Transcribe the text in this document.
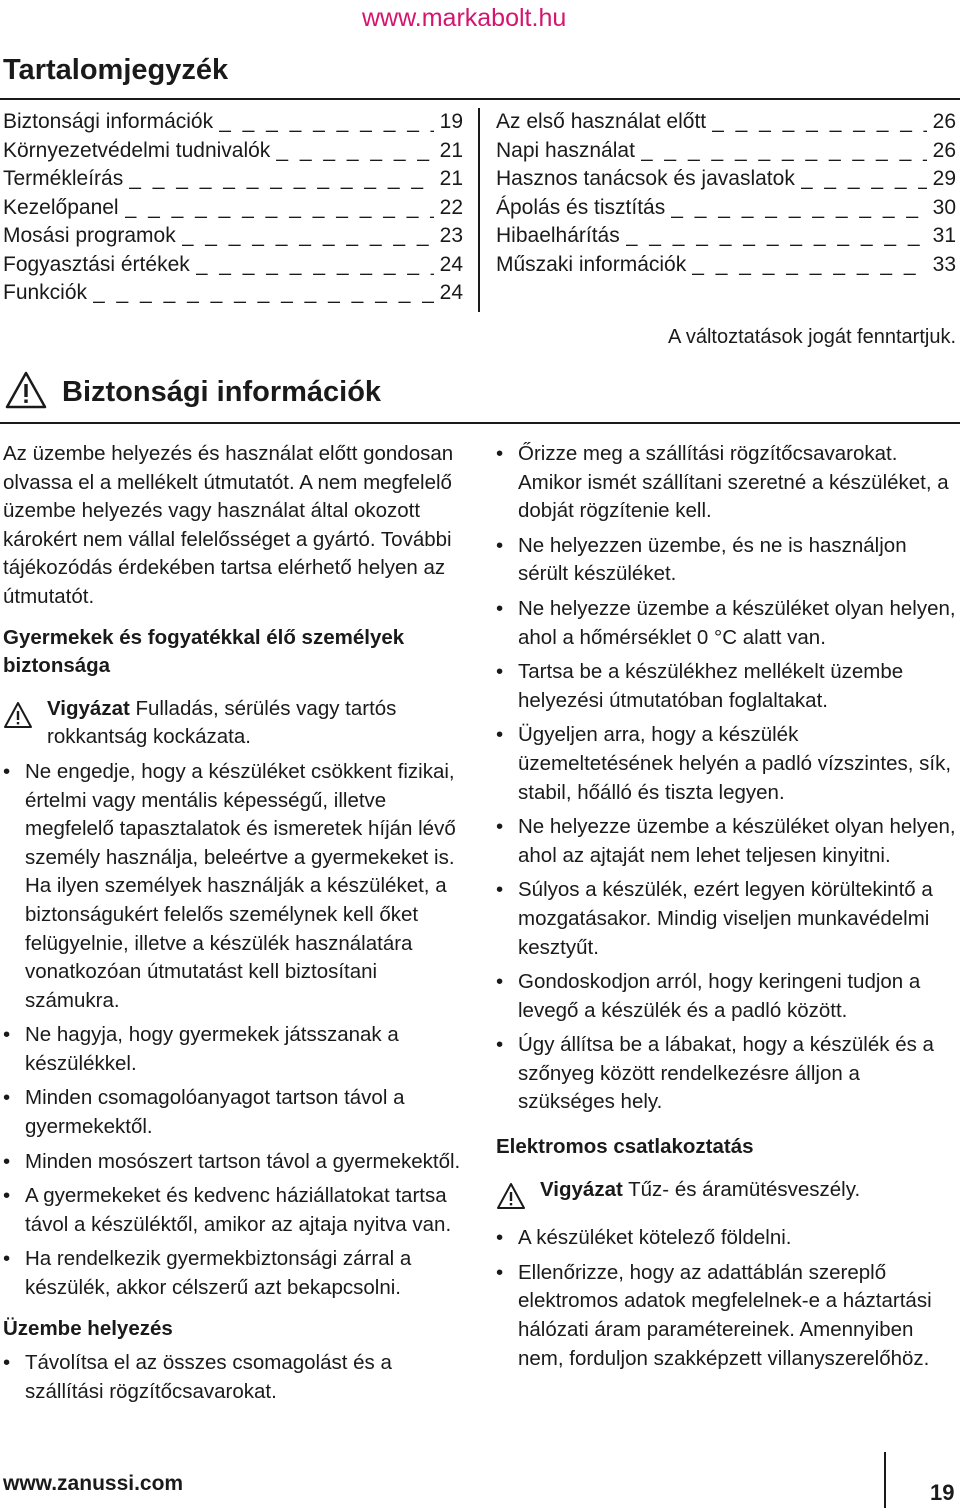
www.markabolt.hu
Tartalomjegyzék
Biztonsági információk _ _ _	19
Környezetvédelmi tudnivalók _ _ _	21
Termékleírás _ _ _	21
Kezelőpanel _ _ _	22
Mosási programok _ _ _	23
Fogyasztási értékek _ _ _	24
Funkciók _ _ _	24
Az első használat előtt _ _ _	26
Napi használat _ _ _	26
Hasznos tanácsok és javaslatok _ _ _	29
Ápolás és tisztítás _ _ _	30
Hibaelhárítás _ _ _	31
Műszaki információk _ _ _	33
A változtatások jogát fenntartjuk.
Biztonsági információk

Az üzembe helyezés és használat előtt gondosan olvassa el a mellékelt útmutatót. A nem megfelelő üzembe helyezés vagy használat által okozott károkért nem vállal felelősséget a gyártó. További tájékozódás érdekében tartsa elérhető helyen az útmutatót.

Gyermekek és fogyatékkal élő személyek biztonsága

Vigyázat Fulladás, sérülés vagy tartós rokkantság kockázata.
• Ne engedje, hogy a készüléket csökkent fizikai, értelmi vagy mentális képességű, illetve megfelelő tapasztalatok és ismeretek híján lévő személy használja, beleértve a gyermekeket is. Ha ilyen személyek használják a készüléket, a biztonságukért felelős személynek kell őket felügyelnie, illetve a készülék használatára vonatkozóan útmutatást kell biztosítani számukra.
• Ne hagyja, hogy gyermekek játsszanak a készülékkel.
• Minden csomagolóanyagot tartson távol a gyermekektől.
• Minden mosószert tartson távol a gyermekektől.
• A gyermekeket és kedvenc háziállatokat tartsa távol a készüléktől, amikor az ajtaja nyitva van.
• Ha rendelkezik gyermekbiztonsági zárral a készülék, akkor célszerű azt bekapcsolni.

Üzembe helyezés

• Távolítsa el az összes csomagolást és a szállítási rögzítőcsavarokat.
• Őrizze meg a szállítási rögzítőcsavarokat. Amikor ismét szállítani szeretné a készüléket, a dobját rögzítenie kell.
• Ne helyezzen üzembe, és ne is használjon sérült készüléket.
• Ne helyezze üzembe a készüléket olyan helyen, ahol a hőmérséklet 0 °C alatt van.
• Tartsa be a készülékhez mellékelt üzembe helyezési útmutatóban foglaltakat.
• Ügyeljen arra, hogy a készülék üzemeltetésének helyén a padló vízszintes, sík, stabil, hőálló és tiszta legyen.
• Ne helyezze üzembe a készüléket olyan helyen, ahol az ajtaját nem lehet teljesen kinyitni.
• Súlyos a készülék, ezért legyen körültekintő a mozgatásakor. Mindig viseljen munkavédelmi kesztyűt.
• Gondoskodjon arról, hogy keringeni tudjon a levegő a készülék és a padló között.
• Úgy állítsa be a lábakat, hogy a készülék és a szőnyeg között rendelkezésre álljon a szükséges hely.

Elektromos csatlakoztatás

Vigyázat Tűz- és áramütésveszély.
• A készüléket kötelező földelni.
• Ellenőrizze, hogy az adattáblán szereplő elektromos adatok megfelelnek-e a háztartási hálózati áram paramétereinek. Amennyiben nem, forduljon szakképzett villanyszerelőhöz.
www.zanussi.com	19
